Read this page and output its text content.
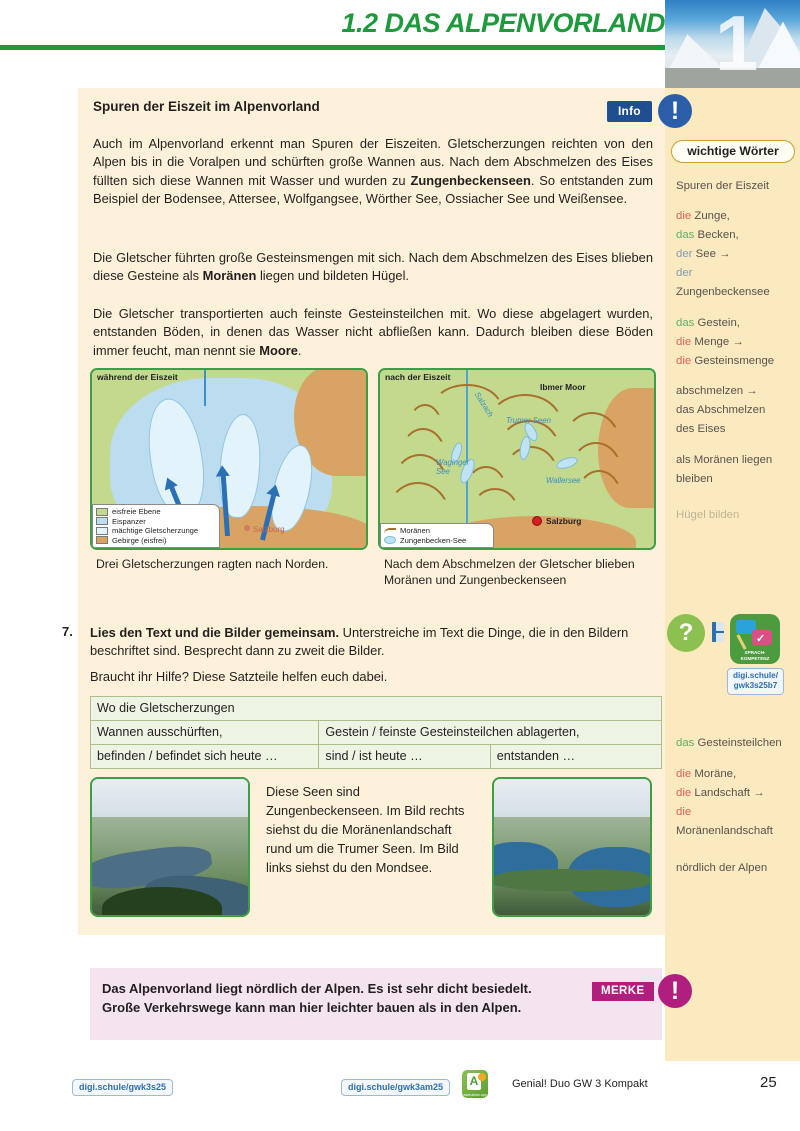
1.2 DAS ALPENVORLAND 1
Info	!
Spuren der Eiszeit im Alpenvorland
Auch im Alpenvorland erkennt man Spuren der Eiszeiten. Gletscherzungen reichten von den Alpen bis in die Voralpen und schürften große Wannen aus. Nach dem Abschmelzen des Eises füllten sich diese Wannen mit Wasser und wurden zu Zungenbeckenseen. So entstanden zum Beispiel der Bodensee, Attersee, Wolfgangsee, Wörther See, Ossiacher See und Weißensee.
Die Gletscher führten große Gesteinsmengen mit sich. Nach dem Abschmelzen des Eises blieben diese Gesteine als Moränen liegen und bildeten Hügel.
Die Gletscher transportierten auch feinste Gesteinsteilchen mit. Wo diese abgelagert wurden, entstanden Böden, in denen das Wasser nicht abfließen kann. Dadurch bleiben diese Böden immer feucht, man nennt sie Moore.
während der Eiszeit
Salzburg
eisfreie Ebene
Eispanzer
mächtige Gletscherzunge
Gebirge (eisfrei)
nach der Eiszeit
Ibmer Moor
Salzach
Trumer Seen
Waginger See
Wallersee
Salzburg
Moränen
Zungenbecken-See
Drei Gletscherzungen ragten nach Norden.	Nach dem Abschmelzen der Gletscher blieben Moränen und Zungenbeckenseen
7. Lies den Text und die Bilder gemeinsam. Unterstreiche im Text die Dinge, die in den Bildern beschriftet sind. Besprecht dann zu zweit die Bilder.
Braucht ihr Hilfe? Diese Satzteile helfen euch dabei.
Wo die Gletscherzungen		
Wannen ausschürften,	Gestein / feinste Gesteinsteilchen ablagerten,	
befinden / befindet sich heute …	sind / ist heute …	entstanden …
Diese Seen sind Zungenbeckenseen. Im Bild rechts siehst du die Moränenlandschaft rund um die Trumer Seen. Im Bild links siehst du den Mondsee.
Das Alpenvorland liegt nördlich der Alpen. Es ist sehr dicht besiedelt. Große Verkehrswege kann man hier leichter bauen als in den Alpen.
MERKE	!
wichtige Wörter
Spuren der Eiszeit
die Zunge,
das Becken,
der See →
der
Zungenbeckensee
das Gestein,
die Menge →
die Gesteinsmenge
abschmelzen →
das Abschmelzen
des Eises
als Moränen liegen
bleiben
Hügel bilden
?	✓
SPRACH-
KOMPETENZ
digi.schule/
gwk3s25b7
das Gesteinsteilchen
die Moräne,
die Landschaft →
die
Moränenlandschaft
nördlich der Alpen
digi.schule/gwk3s25	digi.schule/gwk3am25	A
www.anton.app
Genial! Duo GW 3 Kompakt	25
